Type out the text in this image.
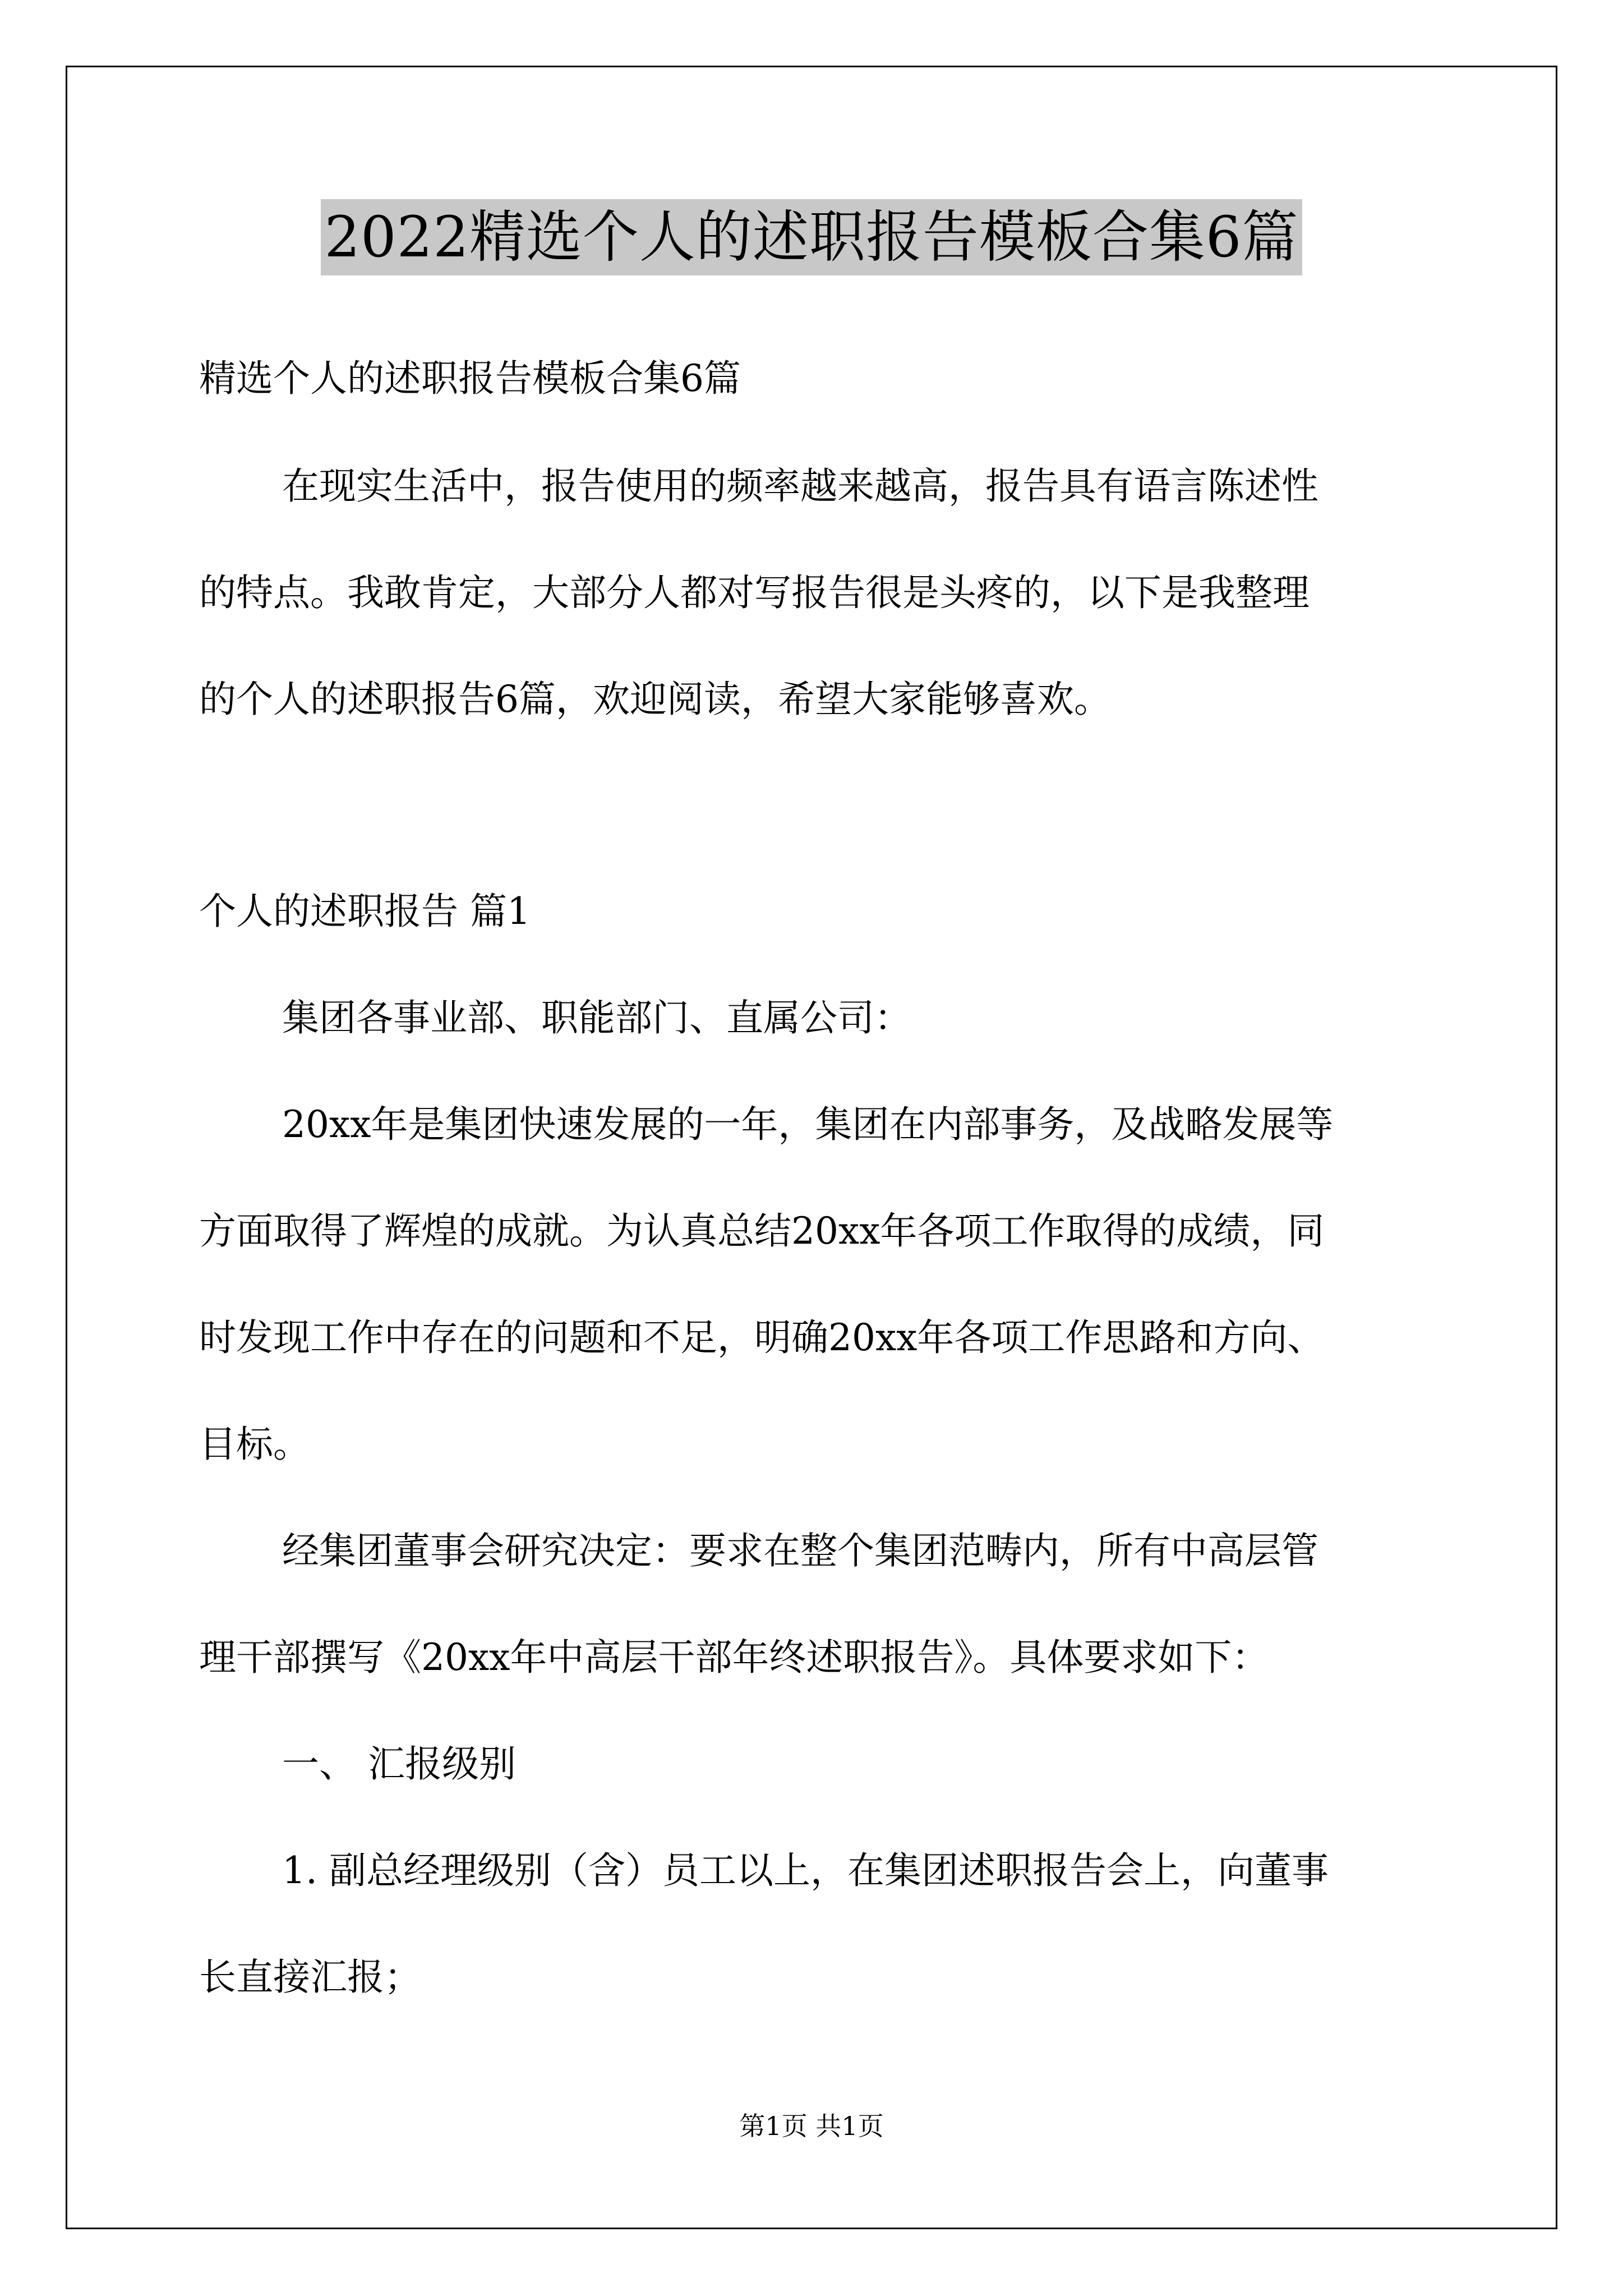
2022精选个人的述职报告模板合集6篇
精选个人的述职报告模板合集6篇
在现实生活中，报告使用的频率越来越高，报告具有语言陈述性
的特点。我敢肯定，大部分人都对写报告很是头疼的，以下是我整理
的个人的述职报告6篇，欢迎阅读，希望大家能够喜欢。
个人的述职报告 篇1
集团各事业部、职能部门、直属公司：
20xx年是集团快速发展的一年，集团在内部事务，及战略发展等
方面取得了辉煌的成就。为认真总结20xx年各项工作取得的成绩，同
时发现工作中存在的问题和不足，明确20xx年各项工作思路和方向、
目标。
经集团董事会研究决定：要求在整个集团范畴内，所有中高层管
理干部撰写《20xx年中高层干部年终述职报告》。具体要求如下：
一、 汇报级别
1. 副总经理级别（含）员工以上，在集团述职报告会上，向董事
长直接汇报；
第1页 共1页
